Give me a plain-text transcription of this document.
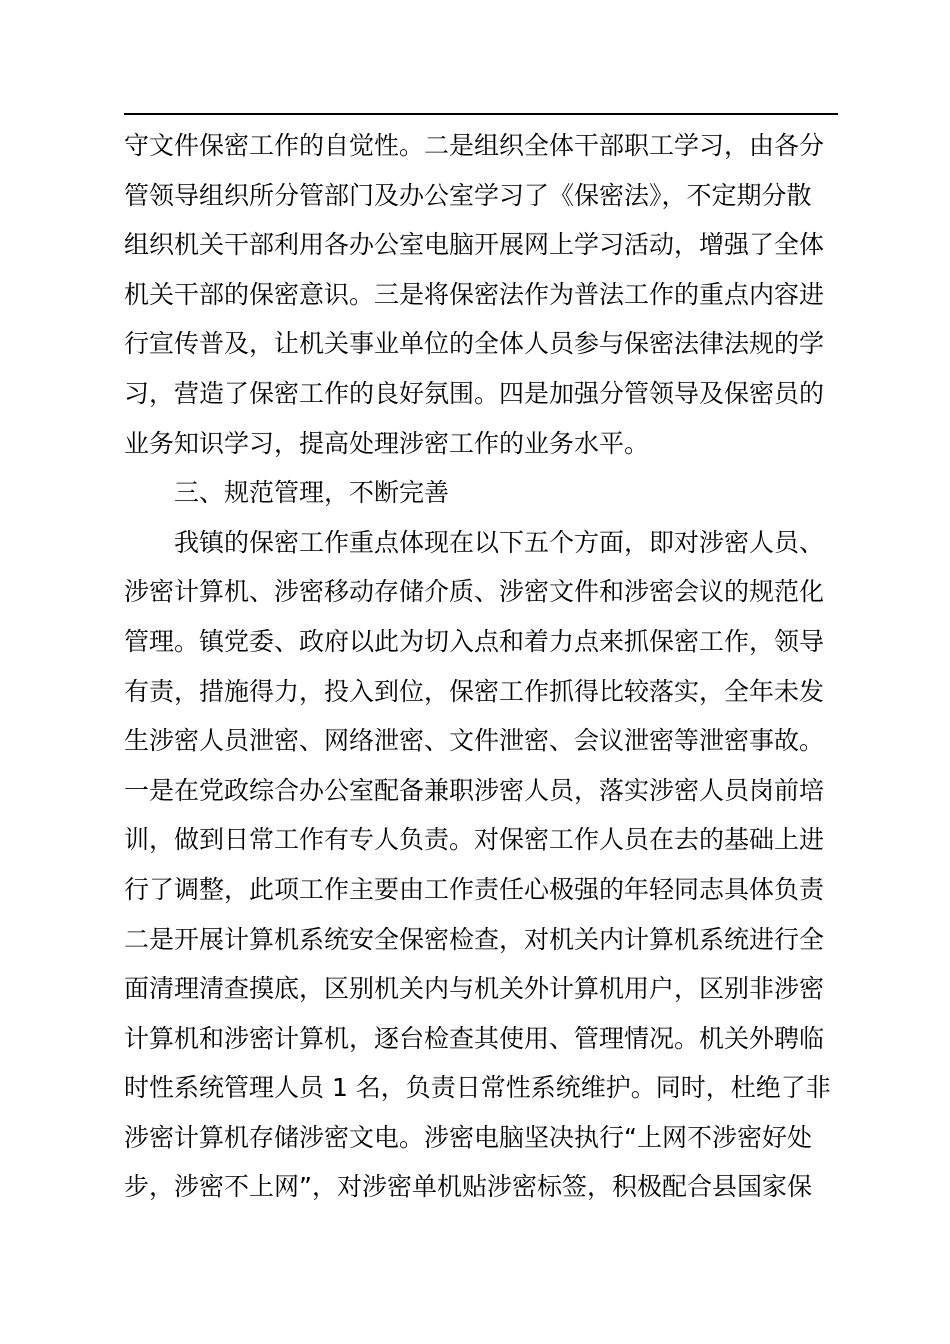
守文件保密工作的自觉性。二是组织全体干部职工学习，由各分
管领导组织所分管部门及办公室学习了《保密法》，不定期分散
组织机关干部利用各办公室电脑开展网上学习活动，增强了全体
机关干部的保密意识。三是将保密法作为普法工作的重点内容进
行宣传普及，让机关事业单位的全体人员参与保密法律法规的学
习，营造了保密工作的良好氛围。四是加强分管领导及保密员的
业务知识学习，提高处理涉密工作的业务水平。
三、规范管理，不断完善
我镇的保密工作重点体现在以下五个方面，即对涉密人员、
涉密计算机、涉密移动存储介质、涉密文件和涉密会议的规范化
管理。镇党委、政府以此为切入点和着力点来抓保密工作，领导
有责，措施得力，投入到位，保密工作抓得比较落实，全年未发
生涉密人员泄密、网络泄密、文件泄密、会议泄密等泄密事故。
一是在党政综合办公室配备兼职涉密人员，落实涉密人员岗前培
训，做到日常工作有专人负责。对保密工作人员在去的基础上进
行了调整，此项工作主要由工作责任心极强的年轻同志具体负责
二是开展计算机系统安全保密检查，对机关内计算机系统进行全
面清理清查摸底，区别机关内与机关外计算机用户，区别非涉密
计算机和涉密计算机，逐台检查其使用、管理情况。机关外聘临
时性系统管理人员 1 名，负责日常性系统维护。同时，杜绝了非
涉密计算机存储涉密文电。涉密电脑坚决执行“上网不涉密好处
步，涉密不上网”，对涉密单机贴涉密标签，积极配合县国家保
